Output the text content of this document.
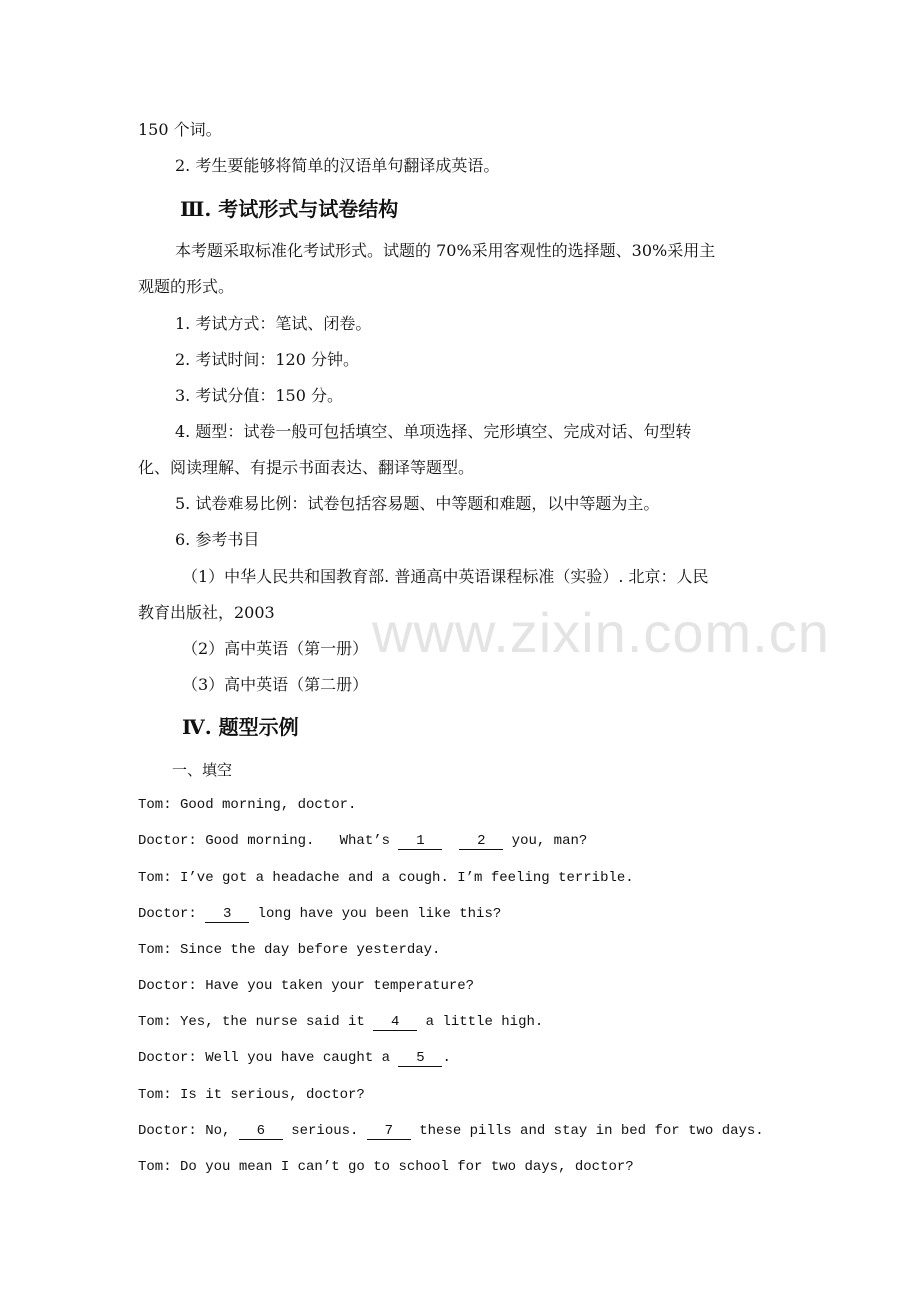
www.zixin.com.cn
150 个词。
2. 考生要能够将简单的汉语单句翻译成英语。
Ⅲ. 考试形式与试卷结构
本考题采取标准化考试形式。试题的 70%采用客观性的选择题、30%采用主
观题的形式。
1. 考试方式：笔试、闭卷。
2. 考试时间：120 分钟。
3. 考试分值：150 分。
4. 题型：试卷一般可包括填空、单项选择、完形填空、完成对话、句型转
化、阅读理解、有提示书面表达、翻译等题型。
5. 试卷难易比例：试卷包括容易题、中等题和难题，以中等题为主。
6. 参考书目
（1）中华人民共和国教育部. 普通高中英语课程标准（实验）. 北京：人民
教育出版社，2003
（2）高中英语（第一册）
（3）高中英语（第二册）
Ⅳ. 题型示例
一、填空
Tom: Good morning, doctor.
Doctor: Good morning.   What’s 1	2 you, man?
Tom: I’ve got a headache and a cough. I’m feeling terrible.
Doctor: 3 long have you been like this?
Tom: Since the day before yesterday.
Doctor: Have you taken your temperature?
Tom: Yes, the nurse said it 4 a little high.
Doctor: Well you have caught a 5 .
Tom: Is it serious, doctor?
Doctor: No, 6 serious. 7 these pills and stay in bed for two days.
Tom: Do you mean I can’t go to school for two days, doctor?
